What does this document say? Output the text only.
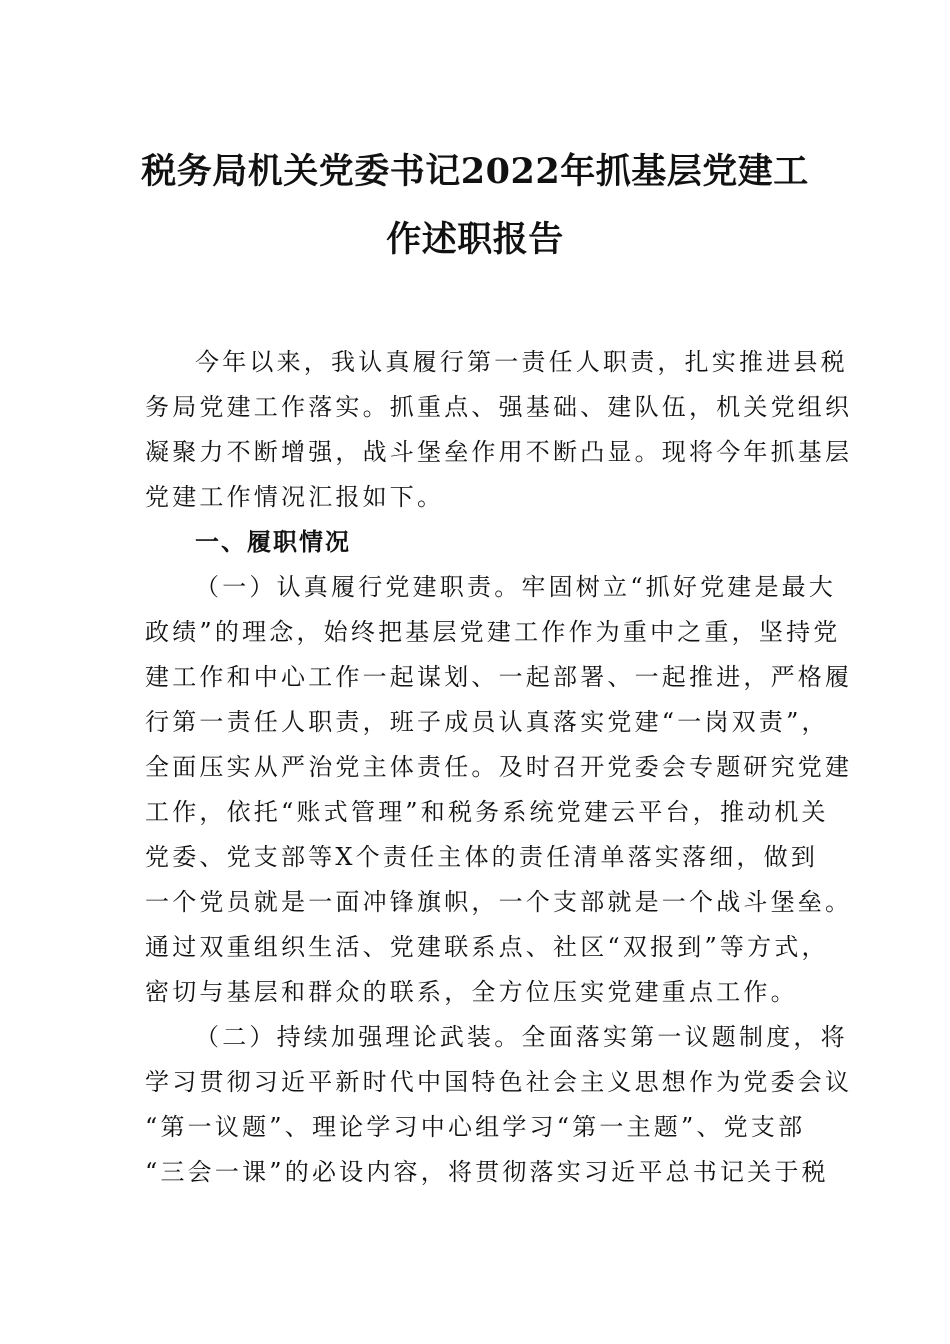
税务局机关党委书记2022年抓基层党建工
作述职报告
今年以来，我认真履行第一责任人职责，扎实推进县税
务局党建工作落实。抓重点、强基础、建队伍，机关党组织
凝聚力不断增强，战斗堡垒作用不断凸显。现将今年抓基层
党建工作情况汇报如下。
一、履职情况
（一）认真履行党建职责。牢固树立“抓好党建是最大
政绩”的理念，始终把基层党建工作作为重中之重，坚持党
建工作和中心工作一起谋划、一起部署、一起推进，严格履
行第一责任人职责，班子成员认真落实党建“一岗双责”，
全面压实从严治党主体责任。及时召开党委会专题研究党建
工作，依托“账式管理”和税务系统党建云平台，推动机关
党委、党支部等X个责任主体的责任清单落实落细，做到
一个党员就是一面冲锋旗帜，一个支部就是一个战斗堡垒。
通过双重组织生活、党建联系点、社区“双报到”等方式，
密切与基层和群众的联系，全方位压实党建重点工作。
（二）持续加强理论武装。全面落实第一议题制度，将
学习贯彻习近平新时代中国特色社会主义思想作为党委会议
“第一议题”、理论学习中心组学习“第一主题”、党支部
“三会一课”的必设内容，将贯彻落实习近平总书记关于税
